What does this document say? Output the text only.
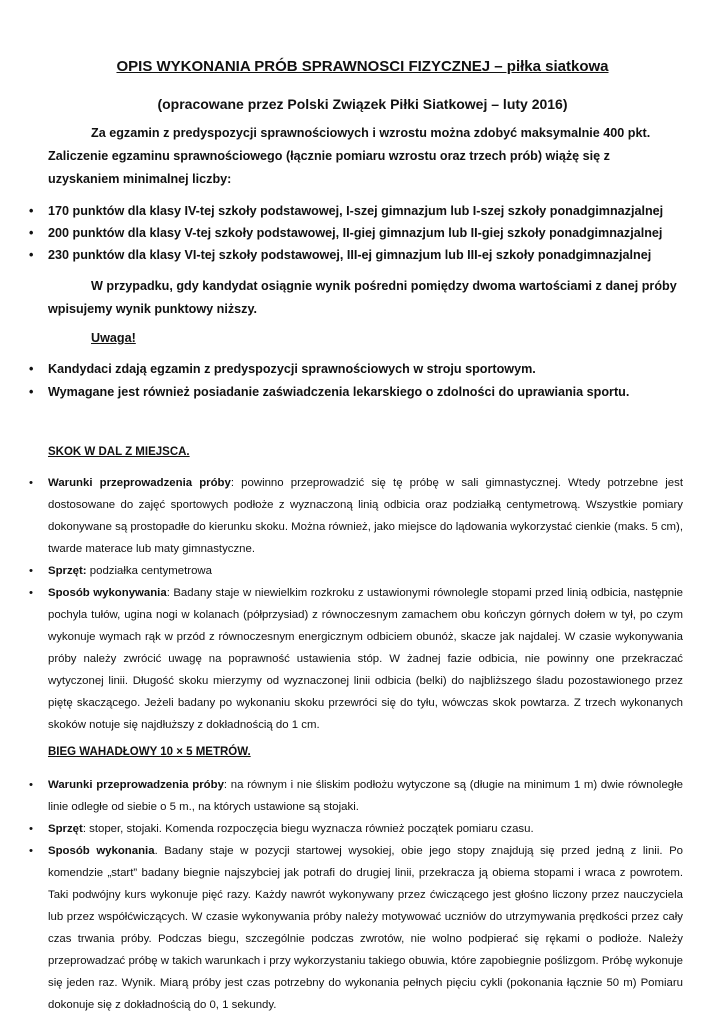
OPIS WYKONANIA PRÓB SPRAWNOSCI FIZYCZNEJ – piłka siatkowa
(opracowane przez Polski Związek Piłki Siatkowej – luty 2016)
Za egzamin z predyspozycji sprawnościowych i wzrostu można zdobyć maksymalnie 400 pkt. Zaliczenie egzaminu sprawnościowego (łącznie pomiaru wzrostu oraz trzech prób) wiążę się z uzyskaniem minimalnej liczby:
• 170 punktów dla klasy IV-tej szkoły podstawowej, I-szej gimnazjum lub I-szej szkoły ponadgimnazjalnej
• 200 punktów dla klasy V-tej szkoły podstawowej, II-giej gimnazjum lub II-giej szkoły ponadgimnazjalnej
• 230 punktów dla klasy VI-tej szkoły podstawowej, III-ej gimnazjum lub III-ej szkoły ponadgimnazjalnej
W przypadku, gdy kandydat osiągnie wynik pośredni pomiędzy dwoma wartościami z danej próby wpisujemy wynik punktowy niższy.
Uwaga!
• Kandydaci zdają egzamin z predyspozycji sprawnościowych w stroju sportowym.
• Wymagane jest również posiadanie zaświadczenia lekarskiego o zdolności do uprawiania sportu.
SKOK W DAL Z MIEJSCA.
• Warunki przeprowadzenia próby: powinno przeprowadzić się tę próbę w sali gimnastycznej. Wtedy potrzebne jest dostosowane do zajęć sportowych podłoże z wyznaczoną linią odbicia oraz podziałką centymetrową. Wszystkie pomiary dokonywane są prostopadłe do kierunku skoku. Można również, jako miejsce do lądowania wykorzystać cienkie (maks. 5 cm), twarde materace lub maty gimnastyczne.
• Sprzęt: podziałka centymetrowa
• Sposób wykonywania: Badany staje w niewielkim rozkroku z ustawionymi równolegle stopami przed linią odbicia, następnie pochyla tułów, ugina nogi w kolanach (półprzysiad) z równoczesnym zamachem obu kończyn górnych dołem w tył, po czym wykonuje wymach rąk w przód z równoczesnym energicznym odbiciem obunóż, skacze jak najdalej. W czasie wykonywania próby należy zwrócić uwagę na poprawność ustawienia stóp. W żadnej fazie odbicia, nie powinny one przekraczać wytyczonej linii. Długość skoku mierzymy od wyznaczonej linii odbicia (belki) do najbliższego śladu pozostawionego przez piętę skaczącego. Jeżeli badany po wykonaniu skoku przewróci się do tyłu, wówczas skok powtarza. Z trzech wykonanych skoków notuje się najdłuższy z dokładnością do 1 cm.
BIEG WAHADŁOWY 10 × 5 METRÓW.
• Warunki przeprowadzenia próby: na równym i nie śliskim podłożu wytyczone są (długie na minimum 1 m) dwie równoległe linie odległe od siebie o 5 m., na których ustawione są stojaki.
• Sprzęt: stoper, stojaki. Komenda rozpoczęcia biegu wyznacza również początek pomiaru czasu.
• Sposób wykonania. Badany staje w pozycji startowej wysokiej, obie jego stopy znajdują się przed jedną z linii. Po komendzie „start” badany biegnie najszybciej jak potrafi do drugiej linii, przekracza ją obiema stopami i wraca z powrotem. Taki podwójny kurs wykonuje pięć razy. Każdy nawrót wykonywany przez ćwiczącego jest głośno liczony przez nauczyciela lub przez współćwiczących. W czasie wykonywania próby należy motywować uczniów do utrzymywania prędkości przez cały czas trwania próby. Podczas biegu, szczególnie podczas zwrotów, nie wolno podpierać się rękami o podłoże. Należy przeprowadzać próbę w takich warunkach i przy wykorzystaniu takiego obuwia, które zapobiegnie poślizgom. Próbę wykonuje się jeden raz. Wynik. Miarą próby jest czas potrzebny do wykonania pełnych pięciu cykli (pokonania łącznie 50 m) Pomiaru dokonuje się z dokładnością do 0, 1 sekundy.
